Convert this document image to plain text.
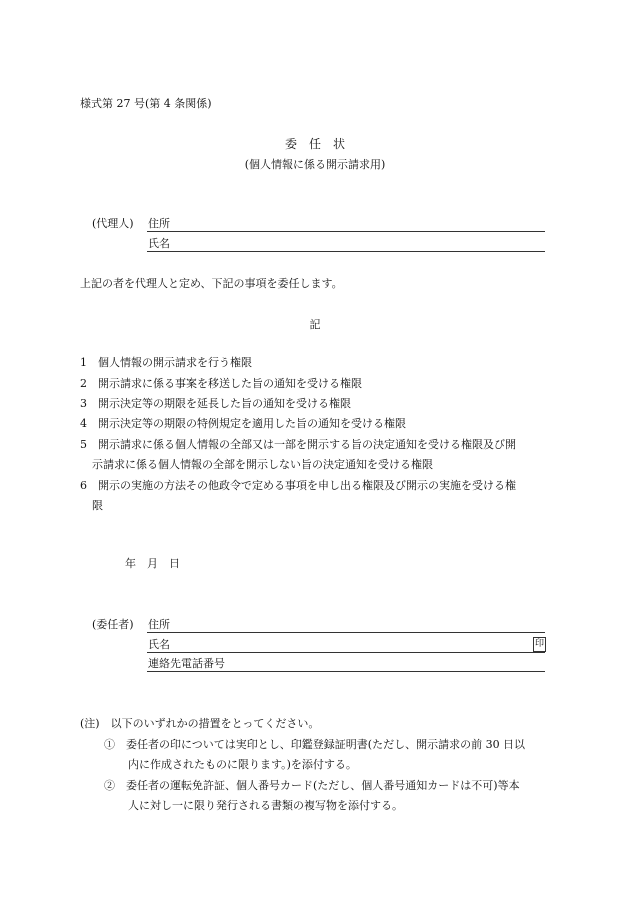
様式第 27 号(第 4 条関係)
委　任　状
(個人情報に係る開示請求用)
(代理人) 住所
氏名
上記の者を代理人と定め、下記の事項を委任します。
記
1　個人情報の開示請求を行う権限
2　開示請求に係る事案を移送した旨の通知を受ける権限
3　開示決定等の期限を延長した旨の通知を受ける権限
4　開示決定等の期限の特例規定を適用した旨の通知を受ける権限
5　開示請求に係る個人情報の全部又は一部を開示する旨の決定通知を受ける権限及び開
示請求に係る個人情報の全部を開示しない旨の決定通知を受ける権限
6　開示の実施の方法その他政令で定める事項を申し出る権限及び開示の実施を受ける権
限
年　月　日
(委任者) 住所
氏名	印
連絡先電話番号
(注)　以下のいずれかの措置をとってください。
①　委任者の印については実印とし、印鑑登録証明書(ただし、開示請求の前 30 日以
内に作成されたものに限ります。)を添付する。
②　委任者の運転免許証、個人番号カード(ただし、個人番号通知カードは不可)等本
人に対し一に限り発行される書類の複写物を添付する。
